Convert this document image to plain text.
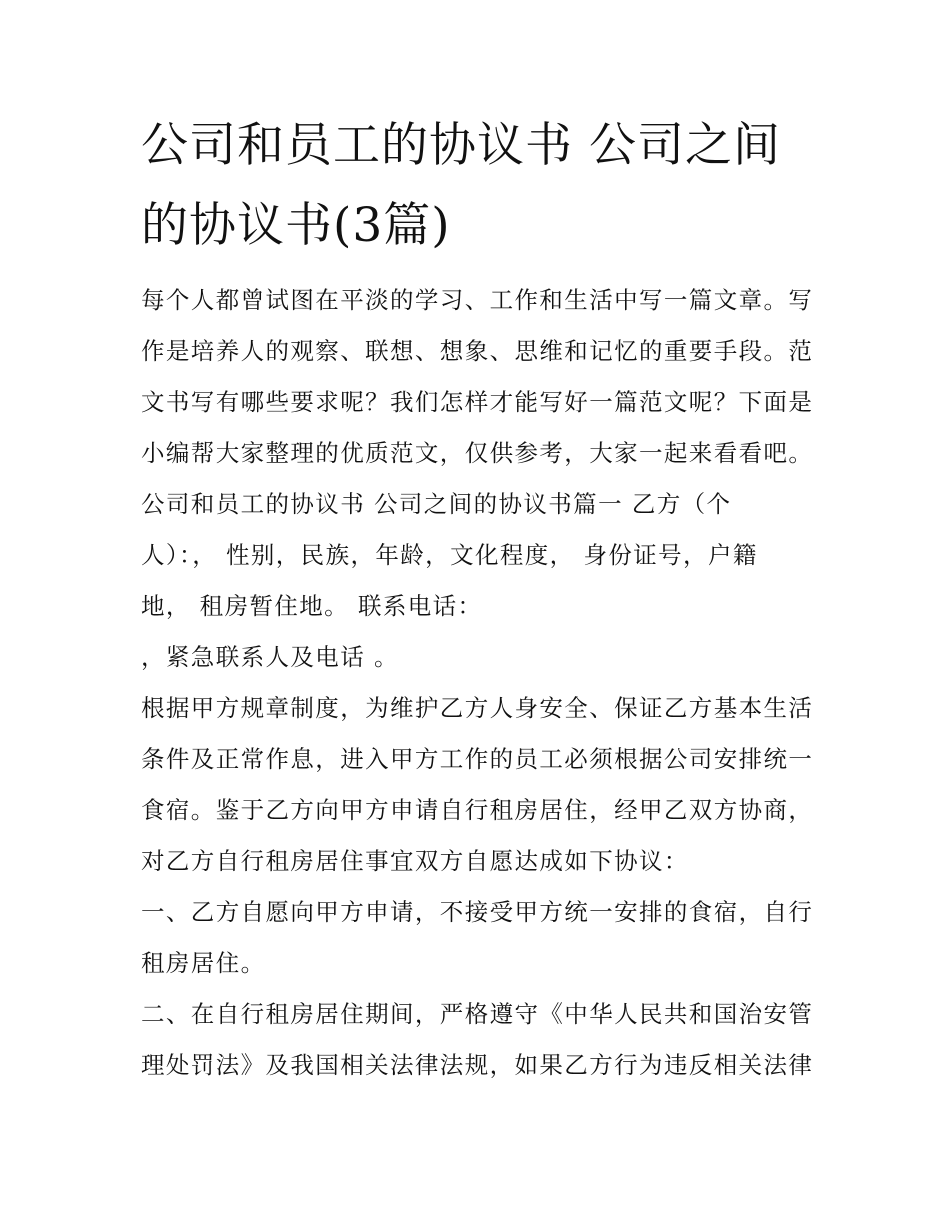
公司和员工的协议书 公司之间
的协议书(3篇)
每个人都曾试图在平淡的学习、工作和生活中写一篇文章。写
作是培养人的观察、联想、想象、思维和记忆的重要手段。范
文书写有哪些要求呢？我们怎样才能写好一篇范文呢？下面是
小编帮大家整理的优质范文，仅供参考，大家一起来看看吧。
公司和员工的协议书 公司之间的协议书篇一 乙方（个
人）：， 性别，民族，年龄，文化程度， 身份证号，户籍
地， 租房暂住地。 联系电话：
，紧急联系人及电话 。
根据甲方规章制度，为维护乙方人身安全、保证乙方基本生活
条件及正常作息，进入甲方工作的员工必须根据公司安排统一
食宿。鉴于乙方向甲方申请自行租房居住，经甲乙双方协商，
对乙方自行租房居住事宜双方自愿达成如下协议：
一、乙方自愿向甲方申请，不接受甲方统一安排的食宿，自行
租房居住。
二、在自行租房居住期间，严格遵守《中华人民共和国治安管
理处罚法》及我国相关法律法规，如果乙方行为违反相关法律
